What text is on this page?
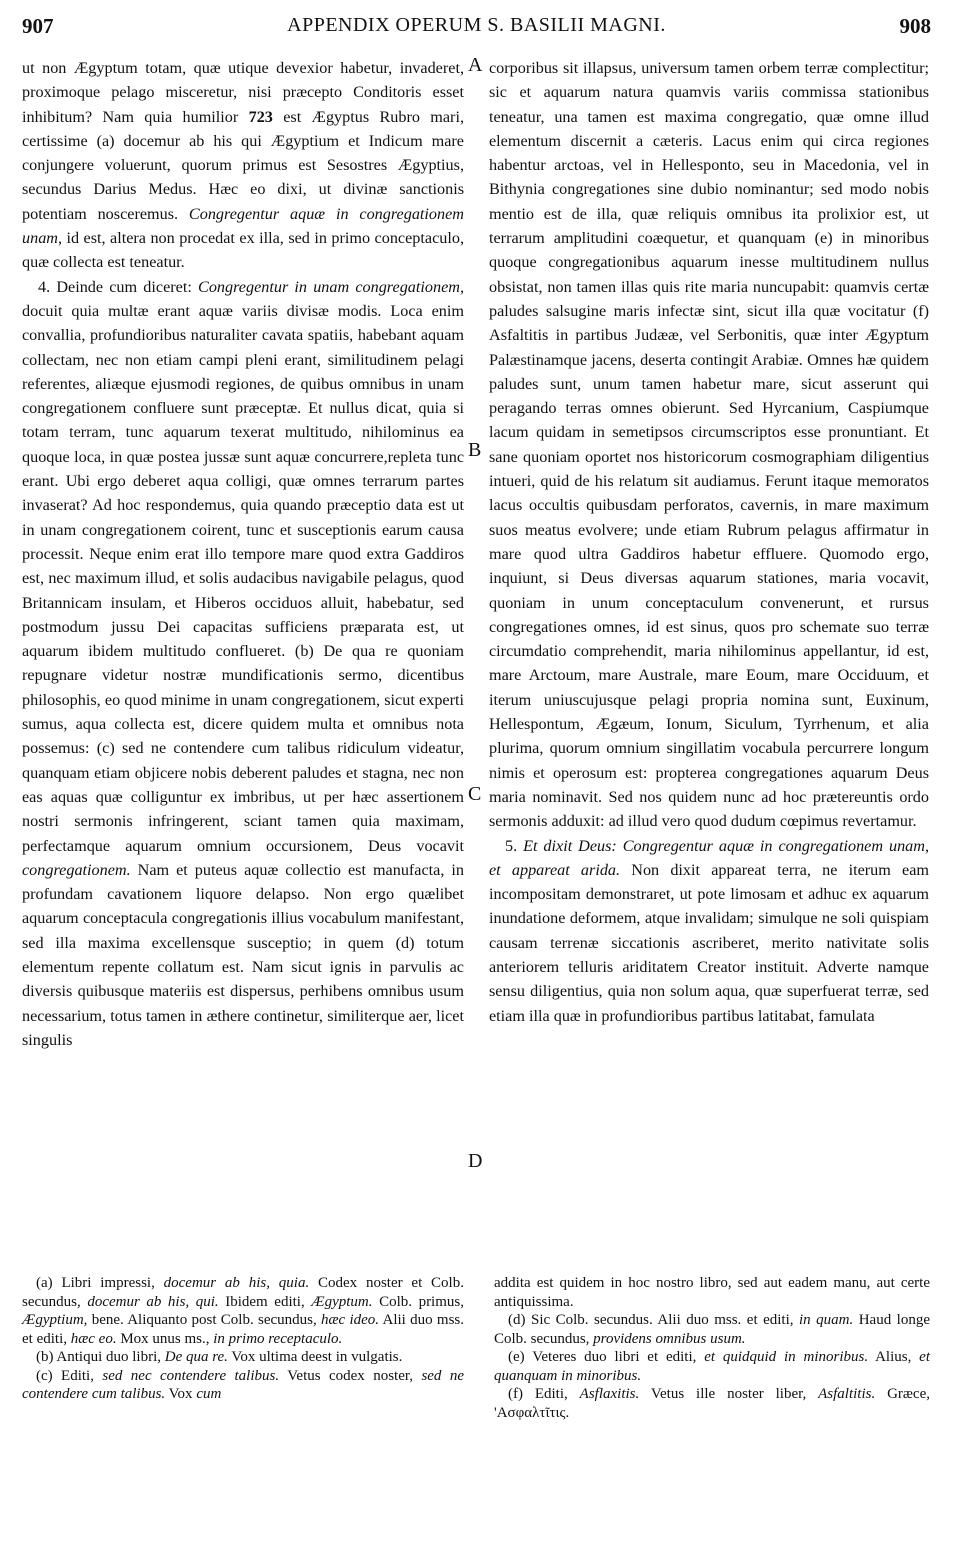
907	APPENDIX OPERUM S. BASILII MAGNI.	908

ut non Ægyptum totam, quæ utique devexior habetur, invaderet, proximoque pelago misceretur, nisi præcepto Conditoris esset inhibitum? Nam quia humilior 723 est Ægyptus Rubro mari, certissime (a) docemur ab his qui Ægyptium et Indicum mare conjungere voluerunt, quorum primus est Sesostres Ægyptius, secundus Darius Medus. Hæc eo dixi, ut divinæ sanctionis potentiam nosceremus. Congregentur aquæ in congregationem unam, id est, altera non procedat ex illa, sed in primo conceptaculo, quæ collecta est teneatur.

4. Deinde cum diceret: Congregentur in unam congregationem, docuit quia multæ erant aquæ variis divisæ modis. Loca enim convallia, profundioribus naturaliter cavata spatiis, habebant aquam collectam, nec non etiam campi pleni erant, similitudinem pelagi referentes, aliæque ejusmodi regiones, de quibus omnibus in unam congregationem confluere sunt præceptæ. Et nullus dicat, quia si totam terram, tunc aquarum texerat multitudo, nihilominus ea quoque loca, in quæ postea jussæ sunt aquæ concurrere,repleta tunc erant. Ubi ergo deberet aqua colligi, quæ omnes terrarum partes invaserat? Ad hoc respondemus, quia quando præceptio data est ut in unam congregationem coirent, tunc et susceptionis earum causa processit. Neque enim erat illo tempore mare quod extra Gaddiros est, nec maximum illud, et solis audacibus navigabile pelagus, quod Britannicam insulam, et Hiberos occiduos alluit, habebatur, sed postmodum jussu Dei capacitas sufficiens præparata est, ut aquarum ibidem multitudo conflueret. (b) De qua re quoniam repugnare videtur nostræ mundificationis sermo, dicentibus philosophis, eo quod minime in unam congregationem, sicut experti sumus, aqua collecta est, dicere quidem multa et omnibus nota possemus: (c) sed ne contendere cum talibus ridiculum videatur, quanquam etiam objicere nobis deberent paludes et stagna, nec non eas aquas quæ colliguntur ex imbribus, ut per hæc assertionem nostri sermonis infringerent, sciant tamen quia maximam, perfectamque aquarum omnium occursionem, Deus vocavit congregationem. Nam et puteus aquæ collectio est manufacta, in profundam cavationem liquore delapso. Non ergo quælibet aquarum conceptacula congregationis illius vocabulum manifestant, sed illa maxima excellensque susceptio; in quem (d) totum elementum repente collatum est. Nam sicut ignis in parvulis ac diversis quibusque materiis est dispersus, perhibens omnibus usum necessarium, totus tamen in æthere continetur, similiterque aer, licet singulis

A
B
C
D

corporibus sit illapsus, universum tamen orbem terræ complectitur; sic et aquarum natura quamvis variis commissa stationibus teneatur, una tamen est maxima congregatio, quæ omne illud elementum discernit a cæteris. Lacus enim qui circa regiones habentur arctoas, vel in Hellesponto, seu in Macedonia, vel in Bithynia congregationes sine dubio nominantur; sed modo nobis mentio est de illa, quæ reliquis omnibus ita prolixior est, ut terrarum amplitudini coæquetur, et quanquam (e) in minoribus quoque congregationibus aquarum inesse multitudinem nullus obsistat, non tamen illas quis rite maria nuncupabit: quamvis certæ paludes salsugine maris infectæ sint, sicut illa quæ vocitatur (f) Asfaltitis in partibus Judææ, vel Serbonitis, quæ inter Ægyptum Palæstinamque jacens, deserta contingit Arabiæ. Omnes hæ quidem paludes sunt, unum tamen habetur mare, sicut asserunt qui peragando terras omnes obierunt. Sed Hyrcanium, Caspiumque lacum quidam in semetipsos circumscriptos esse pronuntiant. Et sane quoniam oportet nos historicorum cosmographiam diligentius intueri, quid de his relatum sit audiamus. Ferunt itaque memoratos lacus occultis quibusdam perforatos, cavernis, in mare maximum suos meatus evolvere; unde etiam Rubrum pelagus affirmatur in mare quod ultra Gaddiros habetur effluere. Quomodo ergo, inquiunt, si Deus diversas aquarum stationes, maria vocavit, quoniam in unum conceptaculum convenerunt, et rursus congregationes omnes, id est sinus, quos pro schemate suo terræ circumdatio comprehendit, maria nihilominus appellantur, id est, mare Arctoum, mare Australe, mare Eoum, mare Occiduum, et iterum uniuscujusque pelagi propria nomina sunt, Euxinum, Hellespontum, Ægæum, Ionum, Siculum, Tyrrhenum, et alia plurima, quorum omnium singillatim vocabula percurrere longum nimis et operosum est: propterea congregationes aquarum Deus maria nominavit. Sed nos quidem nunc ad hoc prætereuntis ordo sermonis adduxit: ad illud vero quod dudum cœpimus revertamur.

5. Et dixit Deus: Congregentur aquæ in congregationem unam, et appareat arida. Non dixit appareat terra, ne iterum eam incompositam demonstraret, ut pote limosam et adhuc ex aquarum inundatione deformem, atque invalidam; simulque ne soli quispiam causam terrenæ siccationis ascriberet, merito nativitate solis anteriorem telluris ariditatem Creator instituit. Adverte namque sensu diligentius, quia non solum aqua, quæ superfuerat terræ, sed etiam illa quæ in profundioribus partibus latitabat, famulata

(a) Libri impressi, docemur ab his, quia. Codex noster et Colb. secundus, docemur ab his, qui. Ibidem editi, Ægyptum. Colb. primus, Ægyptium, bene. Aliquanto post Colb. secundus, hæc ideo. Alii duo mss. et editi, hæc eo. Mox unus ms., in primo receptaculo.

(b) Antiqui duo libri, De qua re. Vox ultima deest in vulgatis.

(c) Editi, sed nec contendere talibus. Vetus codex noster, sed ne contendere cum talibus. Vox cum

addita est quidem in hoc nostro libro, sed aut eadem manu, aut certe antiquissima.

(d) Sic Colb. secundus. Alii duo mss. et editi, in quam. Haud longe Colb. secundus, providens omnibus usum.

(e) Veteres duo libri et editi, et quidquid in minoribus. Alius, et quanquam in minoribus.

(f) Editi, Asflaxitis. Vetus ille noster liber, Asfaltitis. Græce, 'Ασφαλτῖτις.
